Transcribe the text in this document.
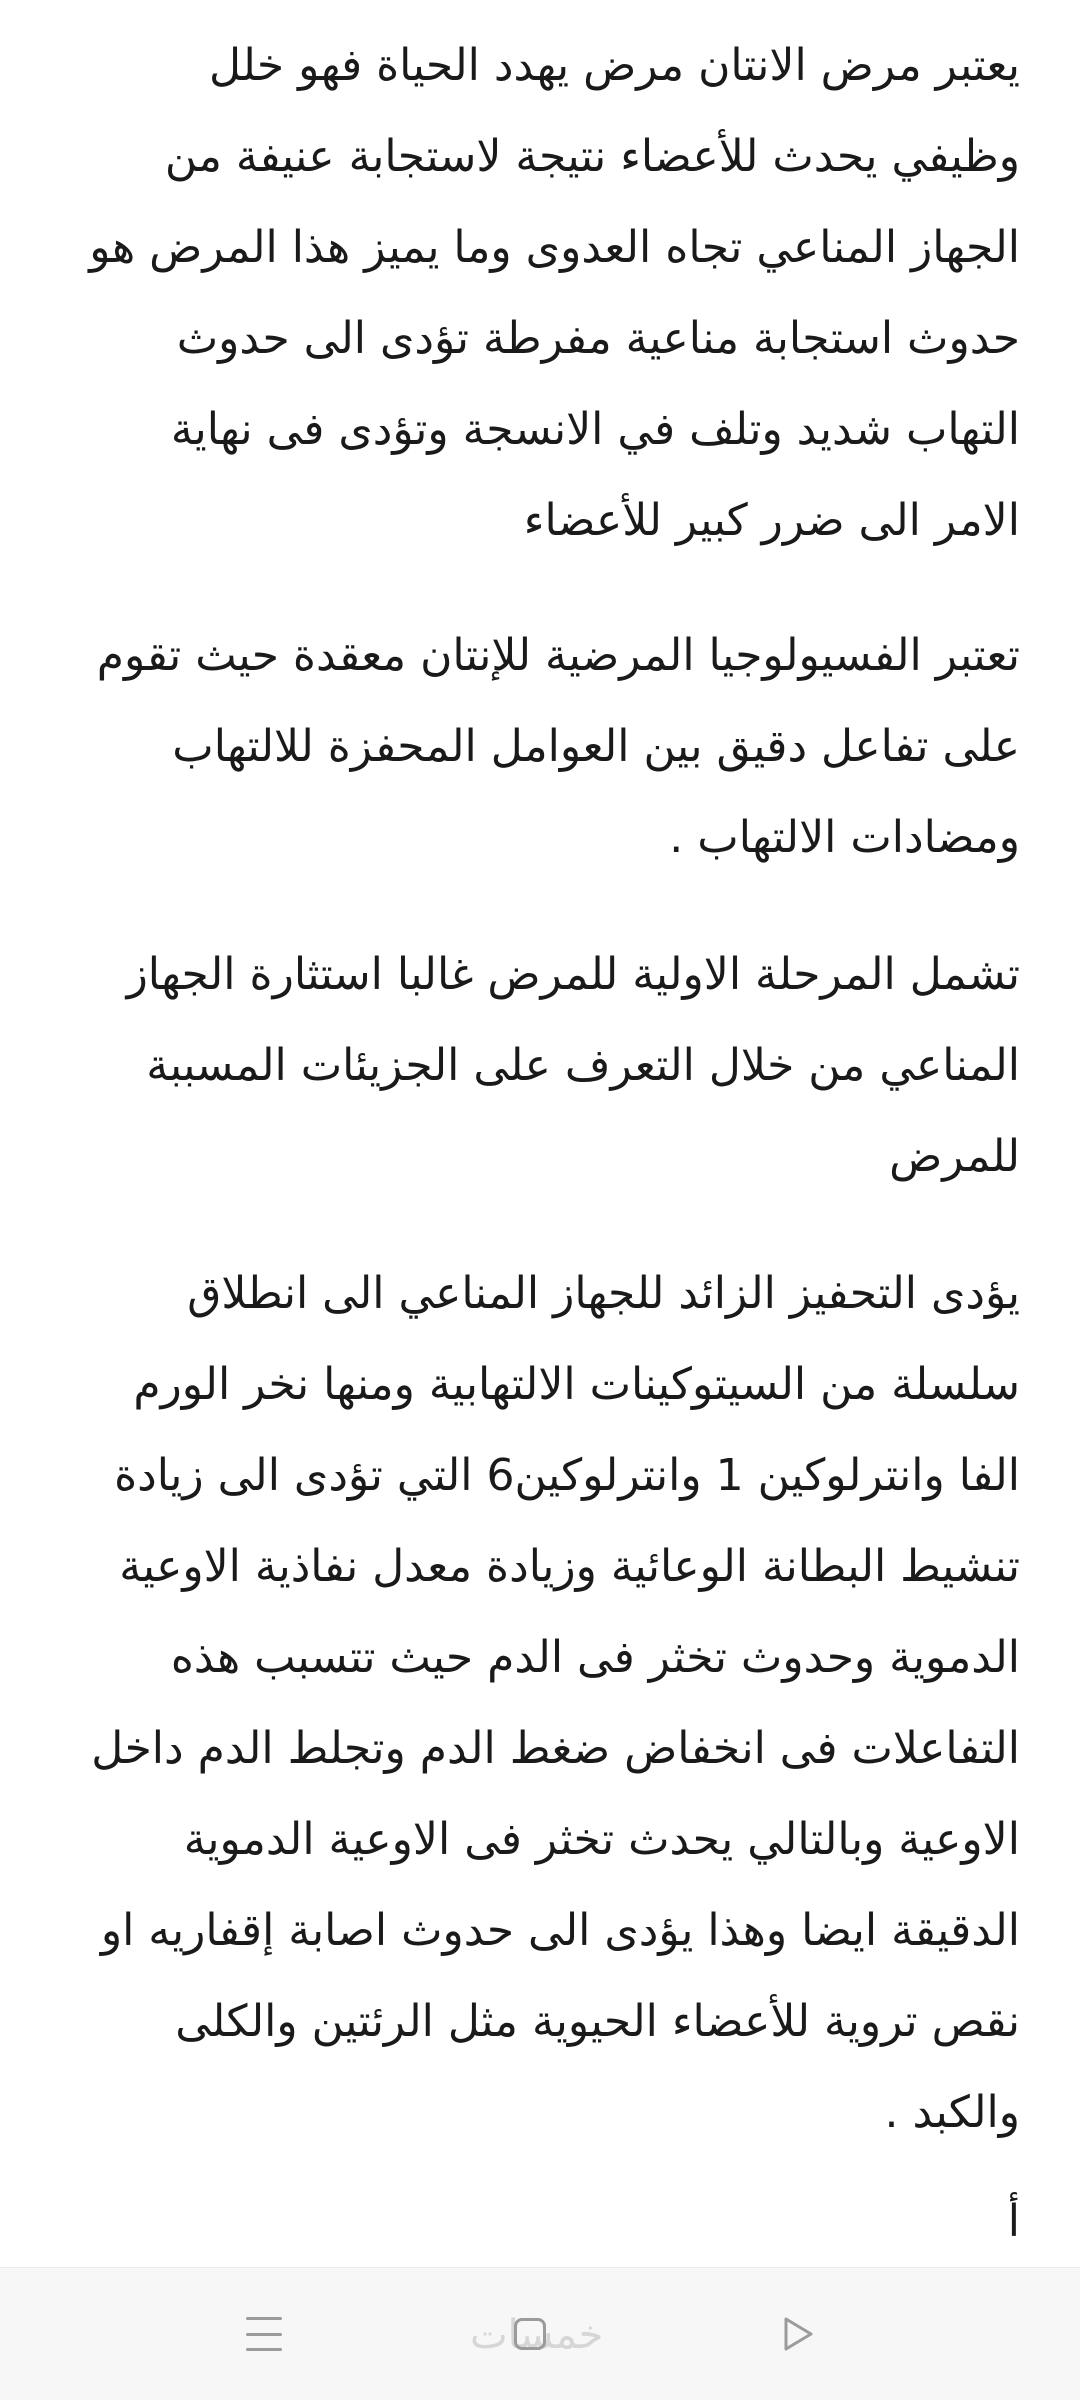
يعتبر مرض الانتان مرض يهدد الحياة فهو خلل
وظيفي يحدث للأعضاء نتيجة لاستجابة عنيفة من
الجهاز المناعي تجاه العدوى وما يميز هذا المرض هو
حدوث استجابة مناعية مفرطة تؤدى الى حدوث
التهاب شديد وتلف في الانسجة وتؤدى فى نهاية
الامر الى ضرر كبير للأعضاء

تعتبر الفسيولوجيا المرضية للإنتان معقدة حيث تقوم
على تفاعل دقيق بين العوامل المحفزة للالتهاب
ومضادات الالتهاب .

تشمل المرحلة الاولية للمرض غالبا استثارة الجهاز
المناعي من خلال التعرف على الجزيئات المسببة
للمرض

يؤدى التحفيز الزائد للجهاز المناعي الى انطلاق
سلسلة من السيتوكينات الالتهابية ومنها نخر الورم
الفا وانترلوكين 1 وانترلوكين6 التي تؤدى الى زيادة
تنشيط البطانة الوعائية وزيادة معدل نفاذية الاوعية
الدموية وحدوث تخثر فى الدم حيث تتسبب هذه
التفاعلات فى انخفاض ضغط الدم وتجلط الدم داخل
الاوعية وبالتالي يحدث تخثر فى الاوعية الدموية
الدقيقة ايضا وهذا يؤدى الى حدوث اصابة إقفاريه او
نقص تروية للأعضاء الحيوية مثل الرئتين والكلى
والكبد .

أ
خمسات
